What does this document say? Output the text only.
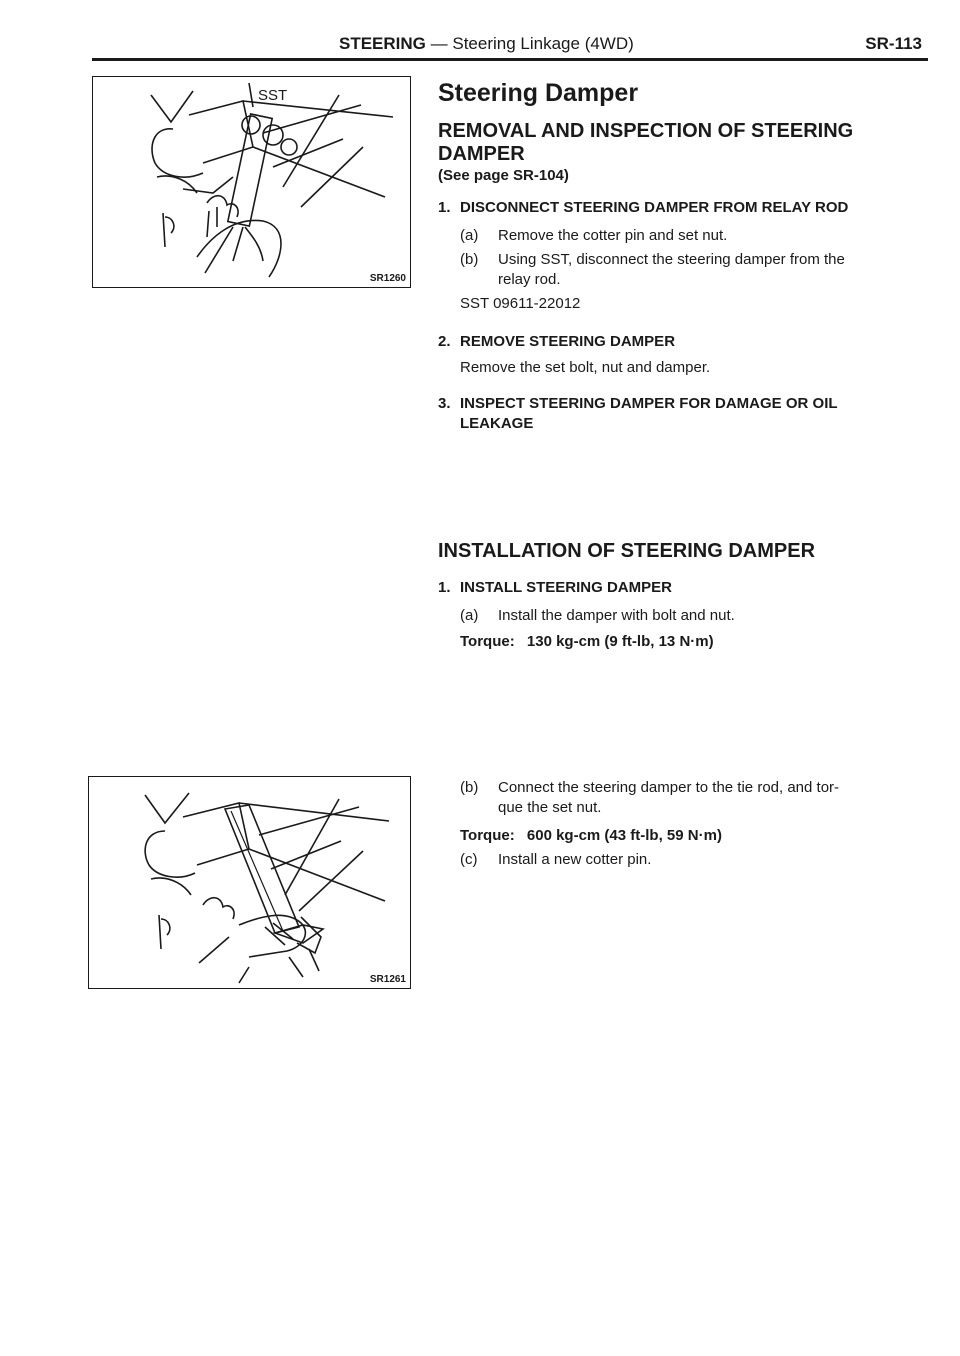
STEERING — Steering Linkage (4WD)	SR-113
SST
SR1260
SR1261
Steering Damper
REMOVAL AND INSPECTION OF STEERING
DAMPER
(See page SR-104)
1. DISCONNECT STEERING DAMPER FROM RELAY ROD
(a) Remove the cotter pin and set nut.
(b) Using SST, disconnect the steering damper from the
relay rod.
SST 09611-22012
2. REMOVE STEERING DAMPER
Remove the set bolt, nut and damper.
3. INSPECT STEERING DAMPER FOR DAMAGE OR OIL
LEAKAGE
INSTALLATION OF STEERING DAMPER
1. INSTALL STEERING DAMPER
(a) Install the damper with bolt and nut.
Torque: 130 kg-cm (9 ft-lb, 13 N·m)
(b) Connect the steering damper to the tie rod, and tor-
que the set nut.
Torque: 600 kg-cm (43 ft-lb, 59 N·m)
(c) Install a new cotter pin.
